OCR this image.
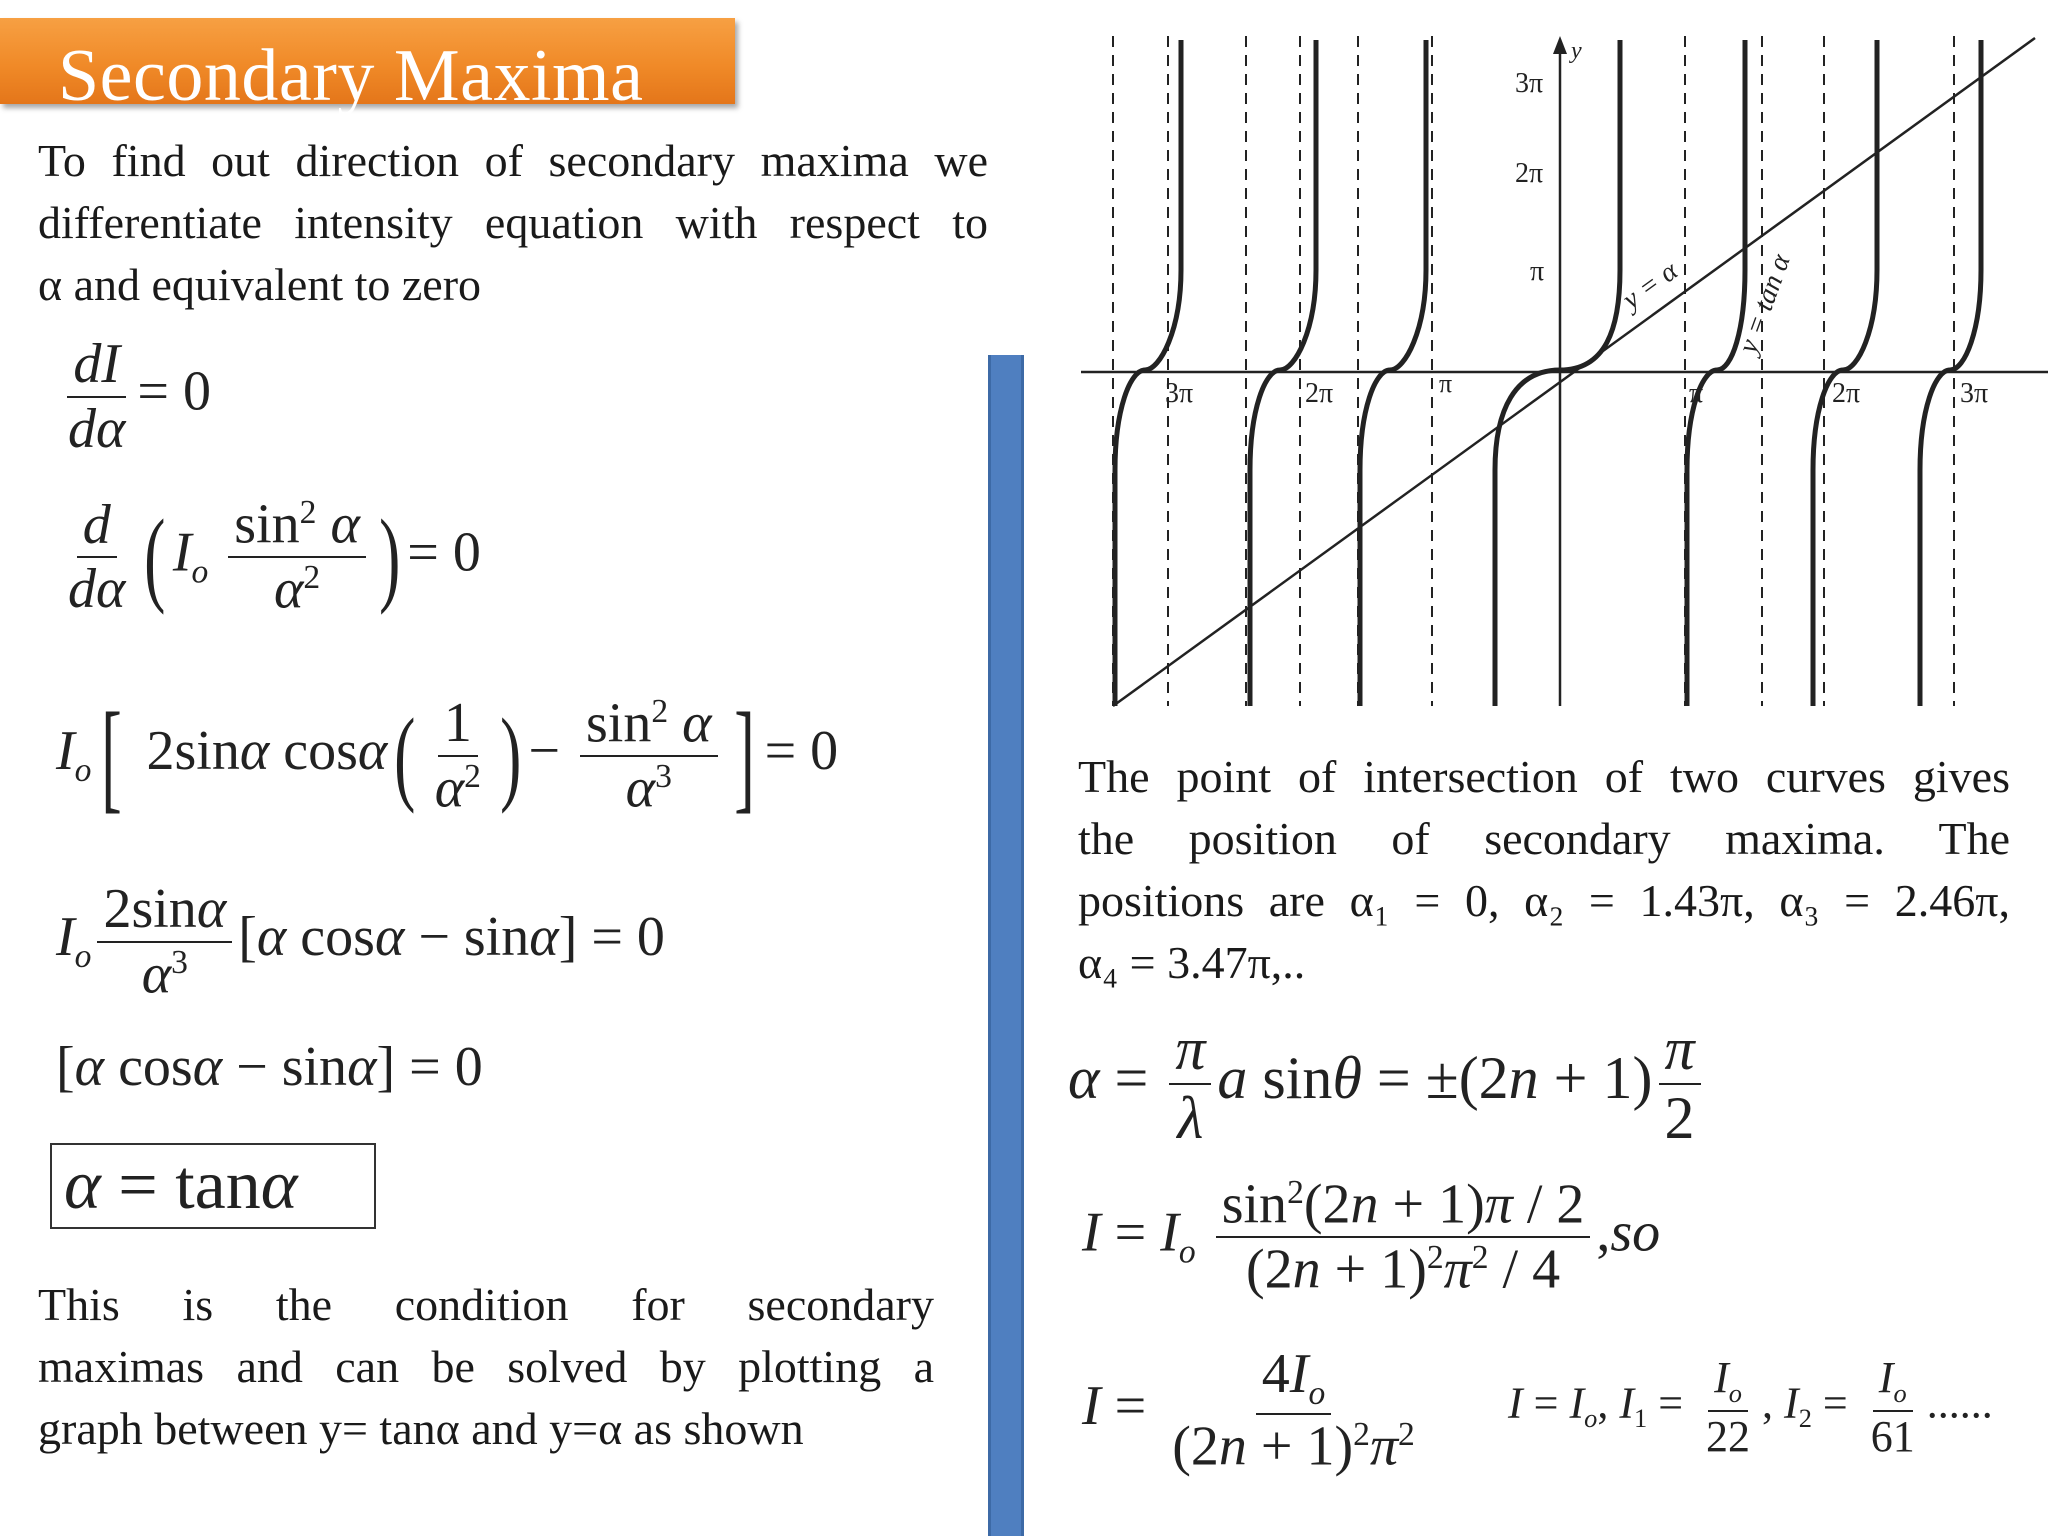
Secondary Maxima
To find out direction of secondary maxima we
differentiate intensity equation with respect to
α and equivalent to zero
$\frac{dI}{d\alpha} = 0$
$\frac{d}{d\alpha}$ ( $I_o \frac{\sin^2 \alpha}{\alpha^2}$ ) = 0
$I_o$[ 2sinα $\cos\alpha( \frac{1}{\alpha^2}$ ) − $\frac{\sin^2 \alpha}{\alpha^3}$ ] = 0
$I_o \frac{2\sin\alpha}{\alpha^3} [\alpha$ cosα − sinα] = 0
[α cosα − sinα] = 0
α = tanα
This is the condition for secondary
maximas and can be solved by plotting a
graph between y= tanα and y=α as shown
y
3π
2π
π
3π	2π	π	π	2π	3π
y = α y = tan α
The point of intersection of two curves gives
the position of secondary maxima. The
positions are α₁ = 0, α₂ = 1.43π, α₃ = 2.46π,
α₄ = 3.47π,..
$\alpha = \frac{\pi}{\lambda}$ a $\sin\theta = \pm(2n + 1) \frac{\pi}{2}$
$I = I_o \frac{\sin^2(2n + 1)\pi / 2}{(2n + 1)^2\pi^2 / 4} ,so$
$I = \frac{4I_o}{(2n + 1)^2\pi^2}$ $I = I_o$, $I_1 = \frac{I_o}{22}$ , $I_2 = \frac{I_o}{61}$ ......
